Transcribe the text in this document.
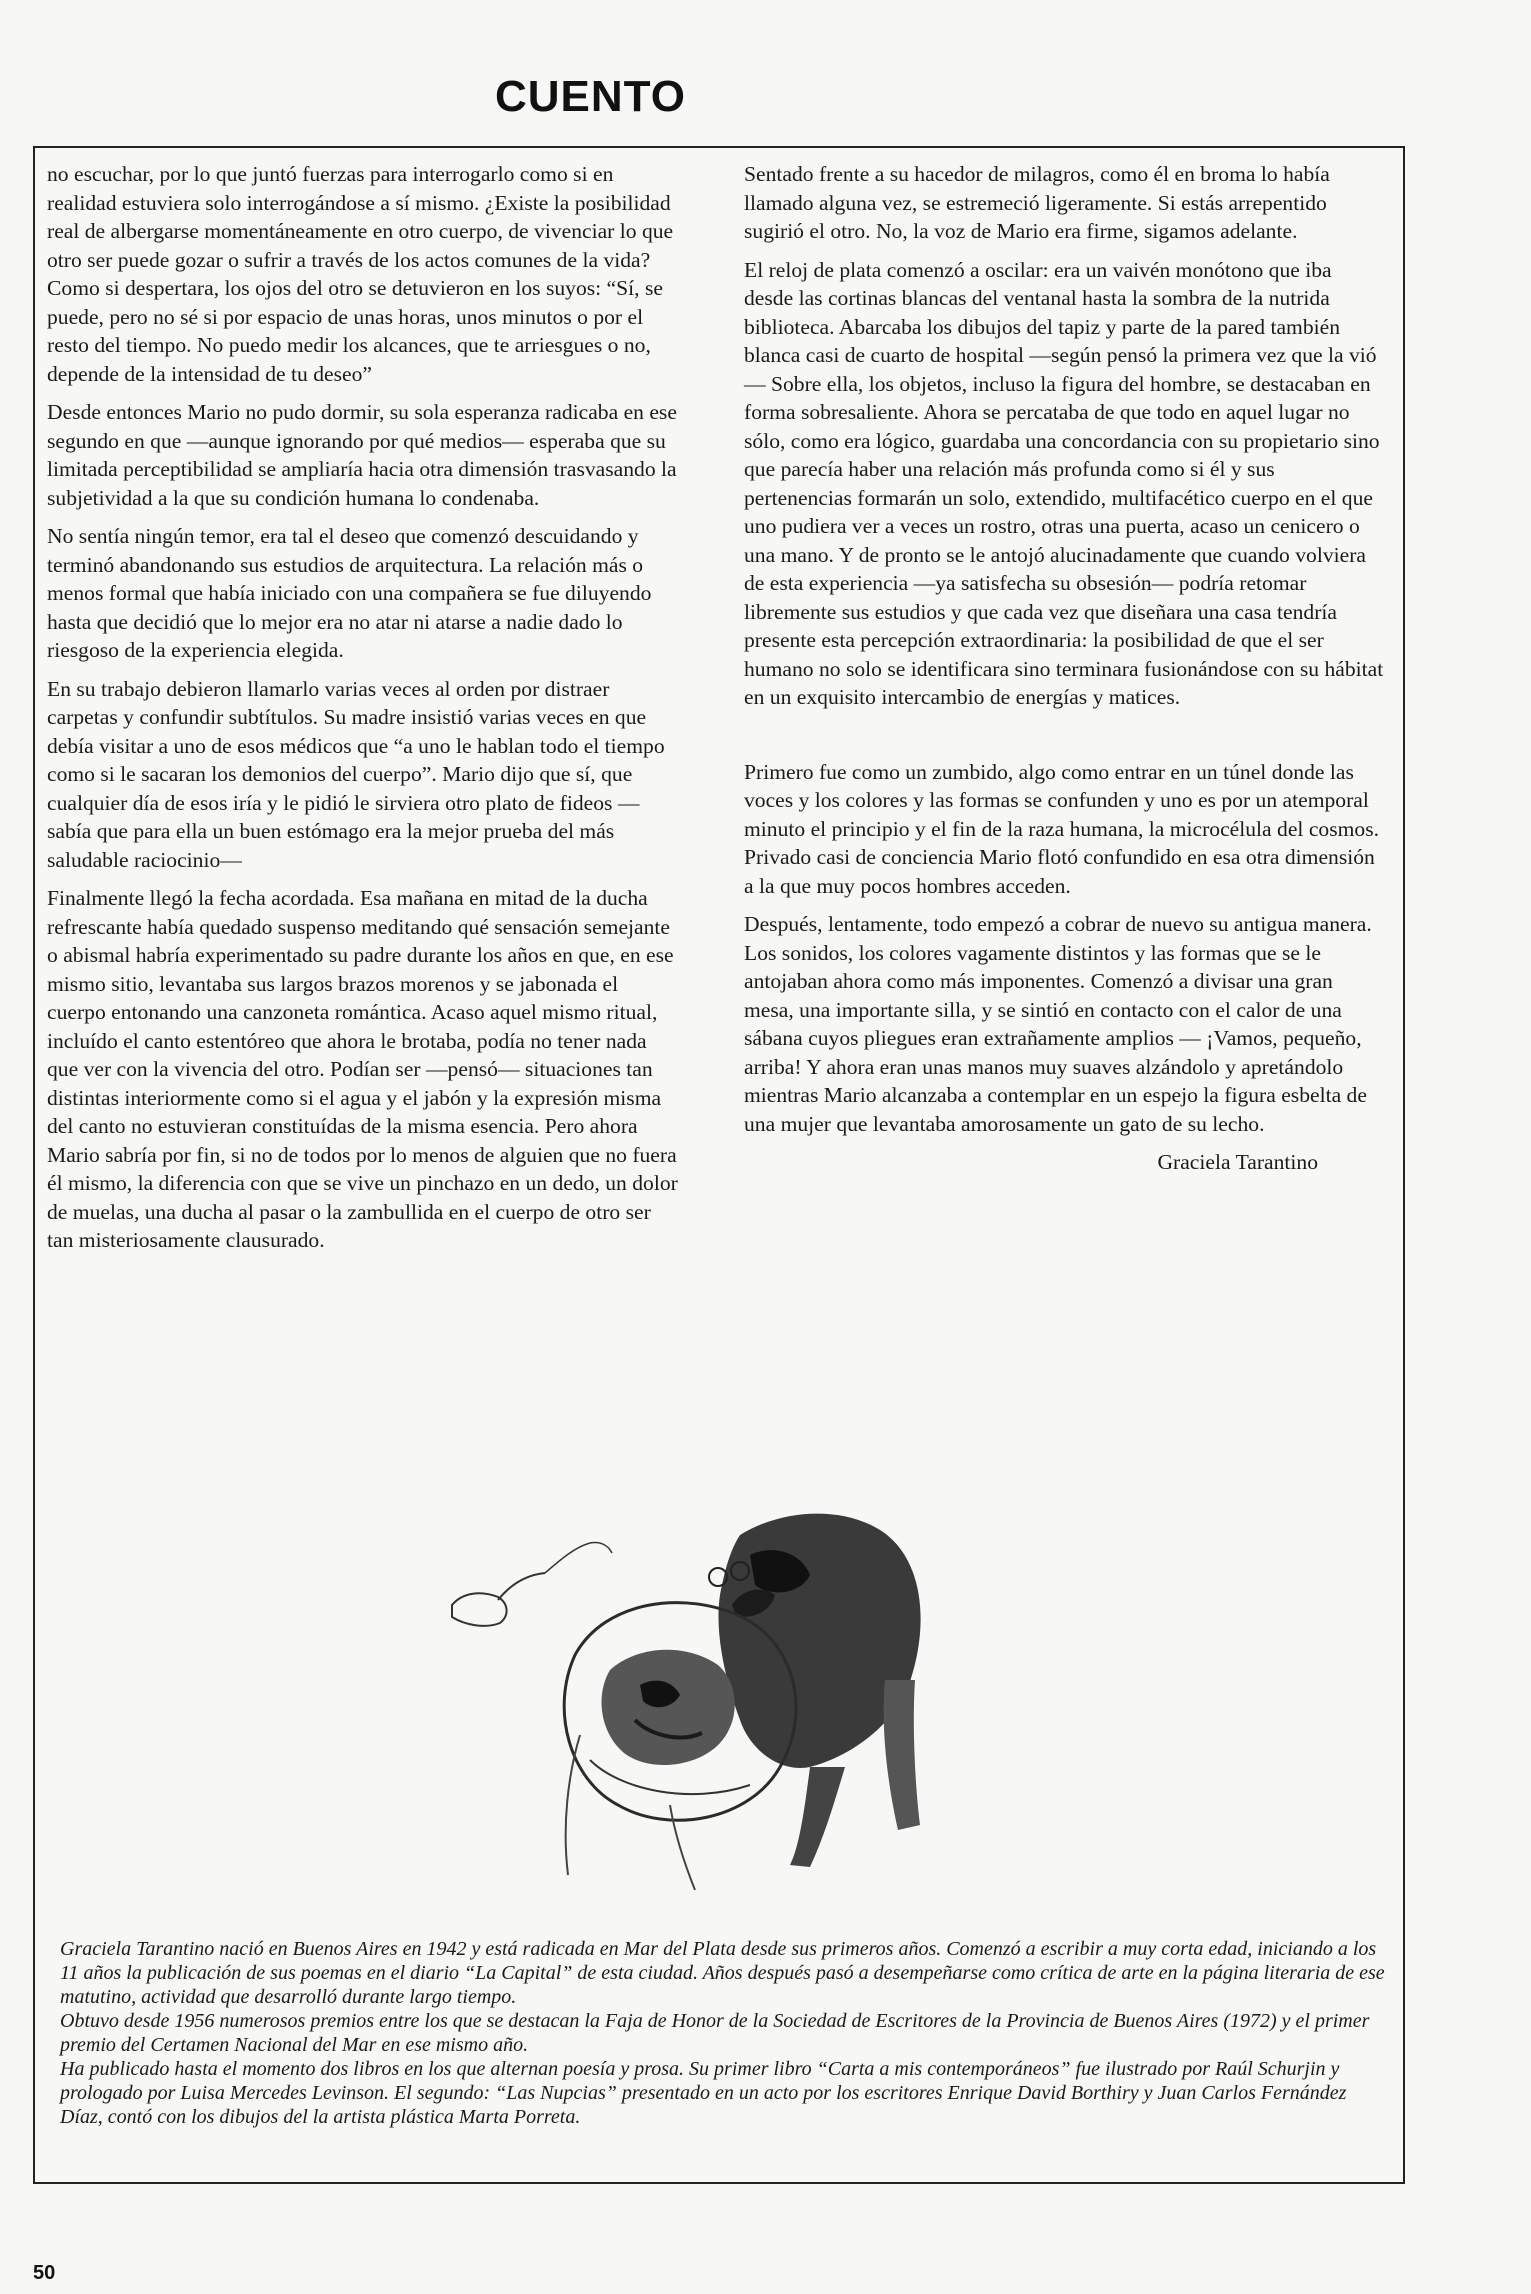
CUENTO

no escuchar, por lo que juntó fuerzas para interrogarlo como si en realidad estuviera solo interrogándose a sí mismo. ¿Existe la posibilidad real de albergarse momentáneamente en otro cuerpo, de vivenciar lo que otro ser puede gozar o sufrir a través de los actos comunes de la vida? Como si despertara, los ojos del otro se detuvieron en los suyos: “Sí, se puede, pero no sé si por espacio de unas horas, unos minutos o por el resto del tiempo. No puedo medir los alcances, que te arriesgues o no, depende de la intensidad de tu deseo”

Desde entonces Mario no pudo dormir, su sola esperanza radicaba en ese segundo en que —aunque ignorando por qué medios— esperaba que su limitada perceptibilidad se ampliaría hacia otra dimensión trasvasando la subjetividad a la que su condición humana lo condenaba.

No sentía ningún temor, era tal el deseo que comenzó descuidando y terminó abandonando sus estudios de arquitectura. La relación más o menos formal que había iniciado con una compañera se fue diluyendo hasta que decidió que lo mejor era no atar ni atarse a nadie dado lo riesgoso de la experiencia elegida.

En su trabajo debieron llamarlo varias veces al orden por distraer carpetas y confundir subtítulos. Su madre insistió varias veces en que debía visitar a uno de esos médicos que “a uno le hablan todo el tiempo como si le sacaran los demonios del cuerpo”. Mario dijo que sí, que cualquier día de esos iría y le pidió le sirviera otro plato de fideos —sabía que para ella un buen estómago era la mejor prueba del más saludable raciocinio—

Finalmente llegó la fecha acordada. Esa mañana en mitad de la ducha refrescante había quedado suspenso meditando qué sensación semejante o abismal habría experimentado su padre durante los años en que, en ese mismo sitio, levantaba sus largos brazos morenos y se jabonada el cuerpo entonando una canzoneta romántica. Acaso aquel mismo ritual, incluído el canto estentóreo que ahora le brotaba, podía no tener nada que ver con la vivencia del otro. Podían ser —pensó— situaciones tan distintas interiormente como si el agua y el jabón y la expresión misma del canto no estuvieran constituídas de la misma esencia. Pero ahora Mario sabría por fin, si no de todos por lo menos de alguien que no fuera él mismo, la diferencia con que se vive un pinchazo en un dedo, un dolor de muelas, una ducha al pasar o la zambullida en el cuerpo de otro ser tan misteriosamente clausurado.

Sentado frente a su hacedor de milagros, como él en broma lo había llamado alguna vez, se estremeció ligeramente. Si estás arrepentido sugirió el otro. No, la voz de Mario era firme, sigamos adelante.

El reloj de plata comenzó a oscilar: era un vaivén monótono que iba desde las cortinas blancas del ventanal hasta la sombra de la nutrida biblioteca. Abarcaba los dibujos del tapiz y parte de la pared también blanca casi de cuarto de hospital —según pensó la primera vez que la vió— Sobre ella, los objetos, incluso la figura del hombre, se destacaban en forma sobresaliente. Ahora se percataba de que todo en aquel lugar no sólo, como era lógico, guardaba una concordancia con su propietario sino que parecía haber una relación más profunda como si él y sus pertenencias formarán un solo, extendido, multifacético cuerpo en el que uno pudiera ver a veces un rostro, otras una puerta, acaso un cenicero o una mano. Y de pronto se le antojó alucinadamente que cuando volviera de esta experiencia —ya satisfecha su obsesión— podría retomar libremente sus estudios y que cada vez que diseñara una casa tendría presente esta percepción extraordinaria: la posibilidad de que el ser humano no solo se identificara sino terminara fusionándose con su hábitat en un exquisito intercambio de energías y matices.

Primero fue como un zumbido, algo como entrar en un túnel donde las voces y los colores y las formas se confunden y uno es por un atemporal minuto el principio y el fin de la raza humana, la microcélula del cosmos. Privado casi de conciencia Mario flotó confundido en esa otra dimensión a la que muy pocos hombres acceden.

Después, lentamente, todo empezó a cobrar de nuevo su antigua manera. Los sonidos, los colores vagamente distintos y las formas que se le antojaban ahora como más imponentes. Comenzó a divisar una gran mesa, una importante silla, y se sintió en contacto con el calor de una sábana cuyos pliegues eran extrañamente amplios — ¡Vamos, pequeño, arriba! Y ahora eran unas manos muy suaves alzándolo y apretándolo mientras Mario alcanzaba a contemplar en un espejo la figura esbelta de una mujer que levantaba amorosamente un gato de su lecho.

Graciela Tarantino

Graciela Tarantino nació en Buenos Aires en 1942 y está radicada en Mar del Plata desde sus primeros años. Comenzó a escribir a muy corta edad, iniciando a los 11 años la publicación de sus poemas en el diario “La Capital” de esta ciudad. Años después pasó a desempeñarse como crítica de arte en la página literaria de ese matutino, actividad que desarrolló durante largo tiempo.

Obtuvo desde 1956 numerosos premios entre los que se destacan la Faja de Honor de la Sociedad de Escritores de la Provincia de Buenos Aires (1972) y el primer premio del Certamen Nacional del Mar en ese mismo año.

Ha publicado hasta el momento dos libros en los que alternan poesía y prosa. Su primer libro “Carta a mis contemporáneos” fue ilustrado por Raúl Schurjin y prologado por Luisa Mercedes Levinson. El segundo: “Las Nupcias” presentado en un acto por los escritores Enrique David Borthiry y Juan Carlos Fernández Díaz, contó con los dibujos del la artista plástica Marta Porreta.

50
